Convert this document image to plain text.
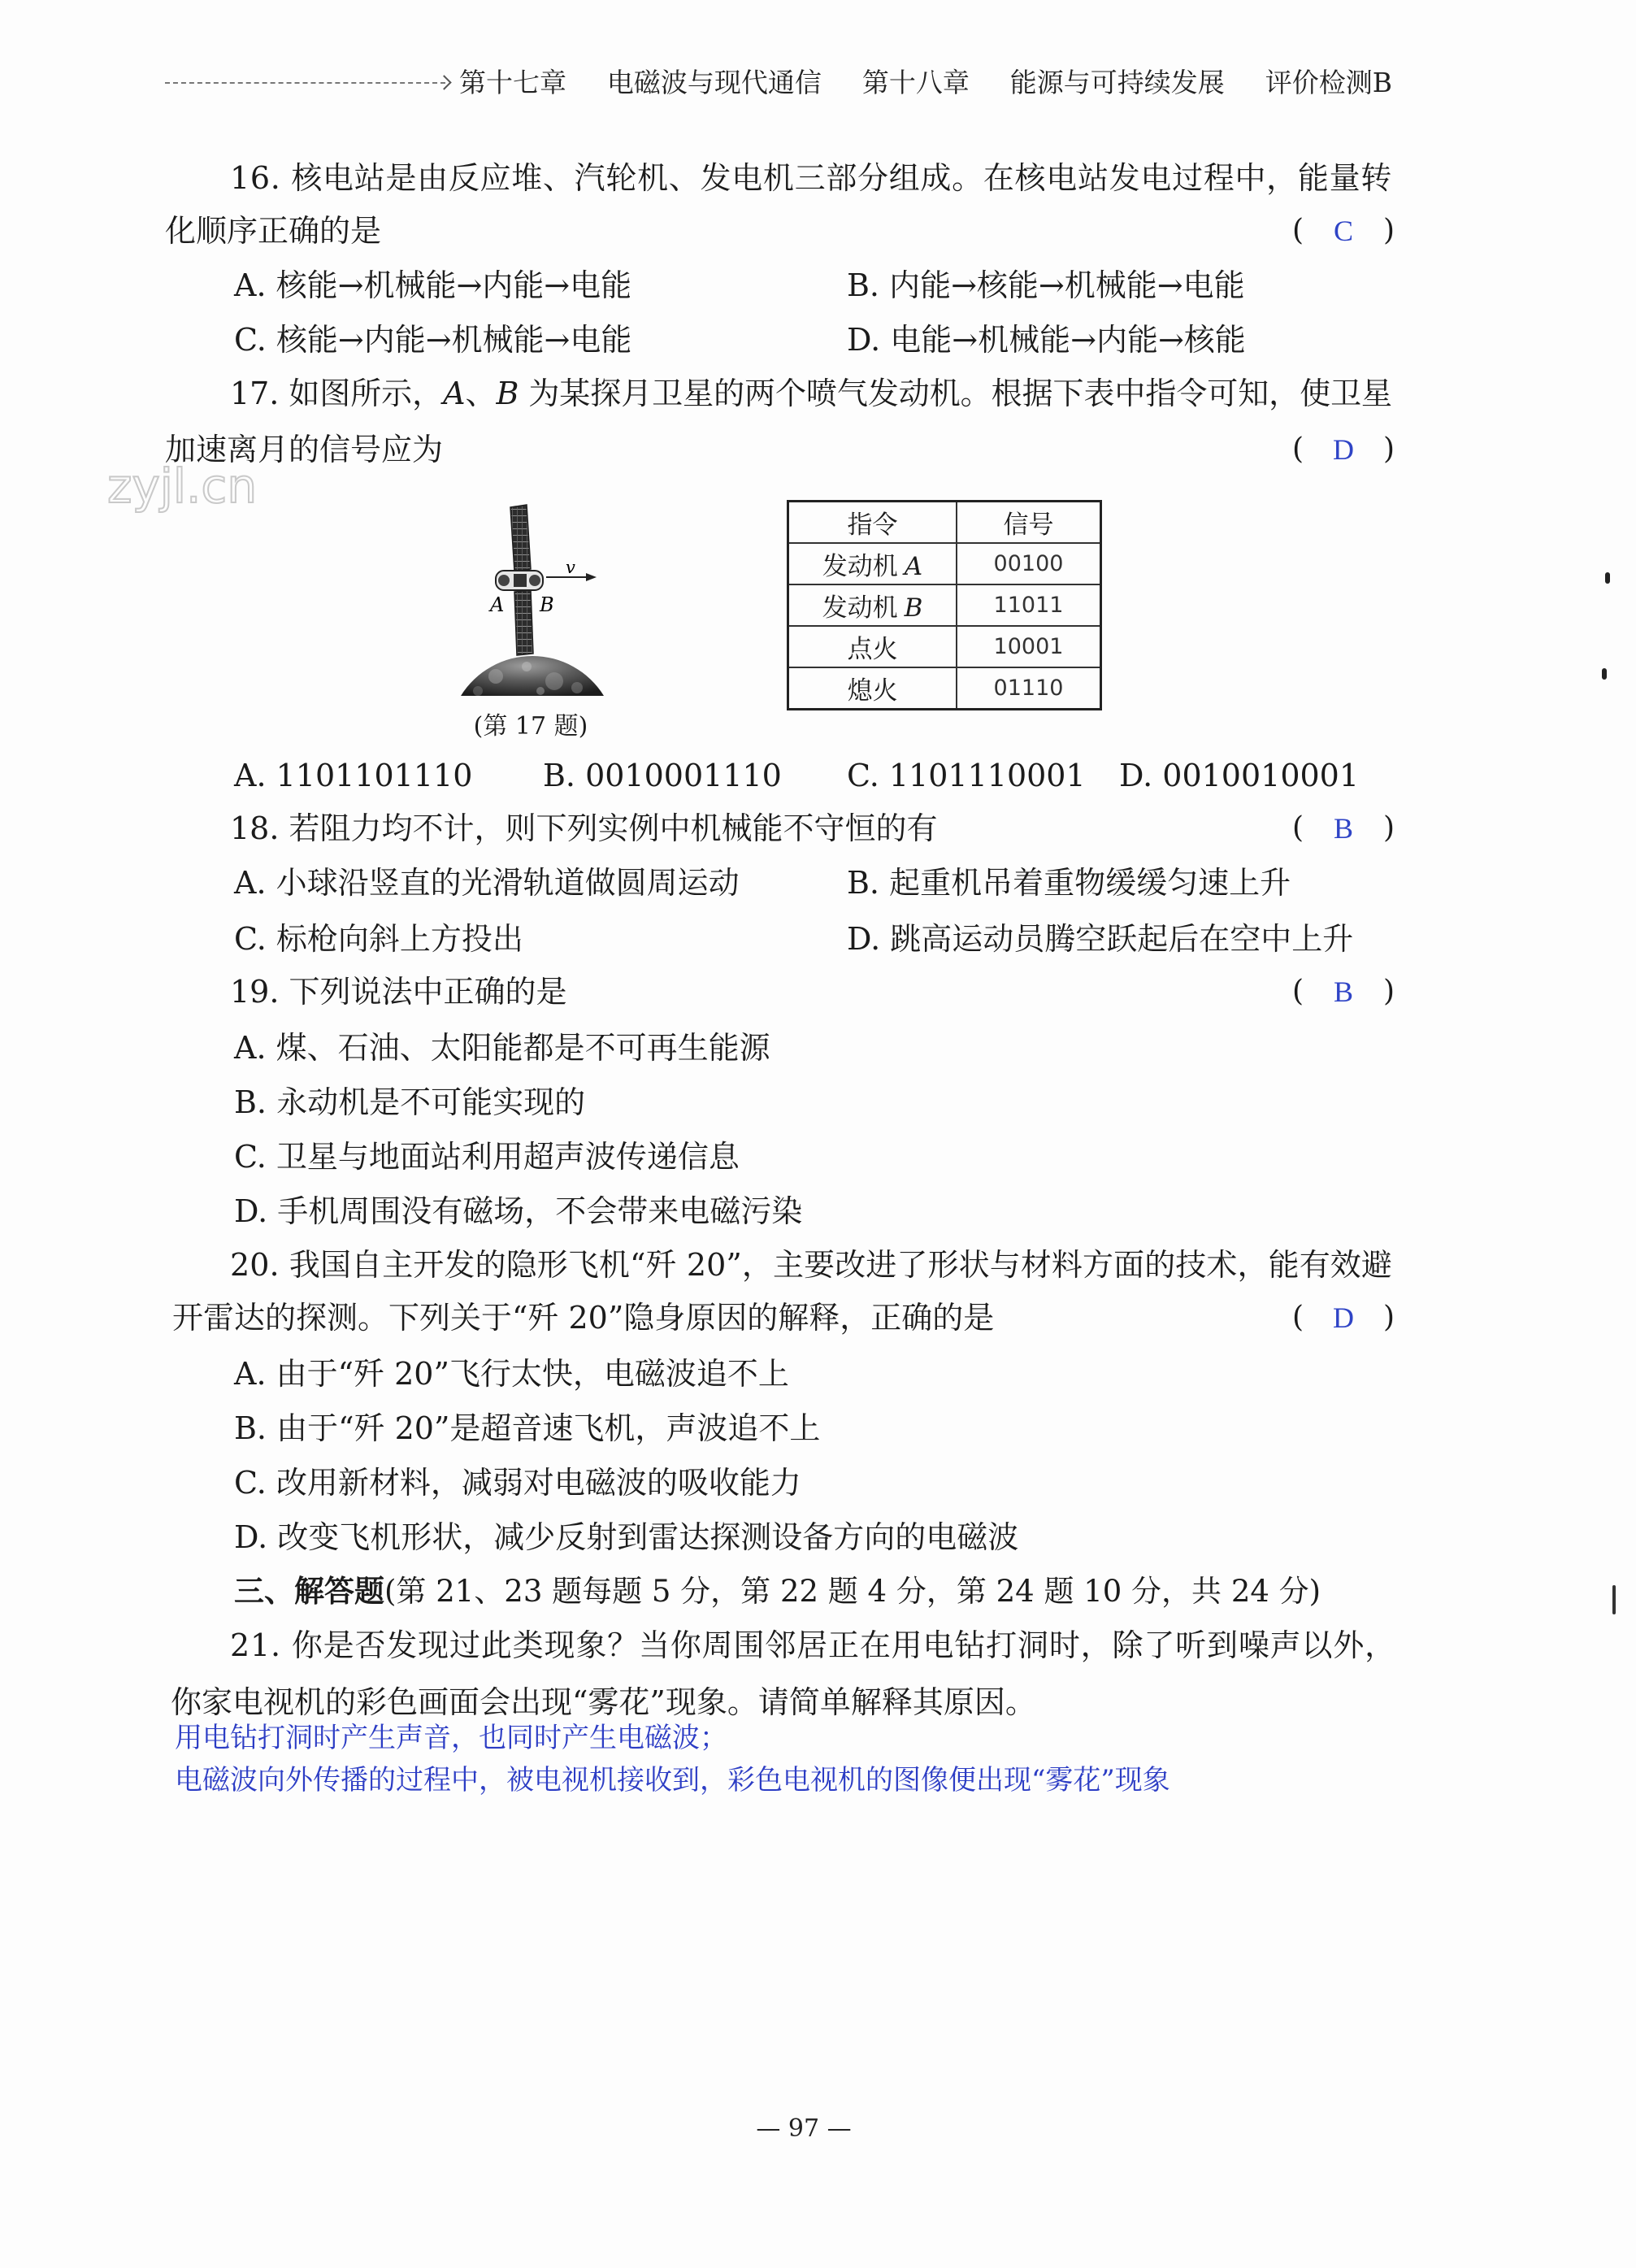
第十七章 电磁波与现代通信 第十八章 能源与可持续发展 评价检测B
zyjl.cn
16. 核电站是由反应堆、汽轮机、发电机三部分组成。在核电站发电过程中，能量转
化顺序正确的是	( C )
A. 核能→机械能→内能→电能	B. 内能→核能→机械能→电能
C. 核能→内能→机械能→电能	D. 电能→机械能→内能→核能
17. 如图所示，A、B 为某探月卫星的两个喷气发动机。根据下表中指令可知，使卫星
加速离月的信号应为	( D )
v
A B
(第 17 题)
指令	信号
发动机 A	00100
发动机 B	11011
点火	10001
熄火	01110
A. 1101101110 B. 0010001110 C. 1101110001 D. 0010010001
18. 若阻力均不计，则下列实例中机械能不守恒的有	( B )
A. 小球沿竖直的光滑轨道做圆周运动	B. 起重机吊着重物缓缓匀速上升
C. 标枪向斜上方投出	D. 跳高运动员腾空跃起后在空中上升
19. 下列说法中正确的是	( B )
A. 煤、石油、太阳能都是不可再生能源
B. 永动机是不可能实现的
C. 卫星与地面站利用超声波传递信息
D. 手机周围没有磁场，不会带来电磁污染
20. 我国自主开发的隐形飞机“歼 20”，主要改进了形状与材料方面的技术，能有效避
开雷达的探测。下列关于“歼 20”隐身原因的解释，正确的是	( D )
A. 由于“歼 20”飞行太快，电磁波追不上
B. 由于“歼 20”是超音速飞机，声波追不上
C. 改用新材料，减弱对电磁波的吸收能力
D. 改变飞机形状，减少反射到雷达探测设备方向的电磁波
三、解答题(第 21、23 题每题 5 分，第 22 题 4 分，第 24 题 10 分，共 24 分)
21. 你是否发现过此类现象？当你周围邻居正在用电钻打洞时，除了听到噪声以外，
你家电视机的彩色画面会出现“雾花”现象。请简单解释其原因。
用电钻打洞时产生声音，也同时产生电磁波；
电磁波向外传播的过程中，被电视机接收到，彩色电视机的图像便出现“雾花”现象
— 97 —
